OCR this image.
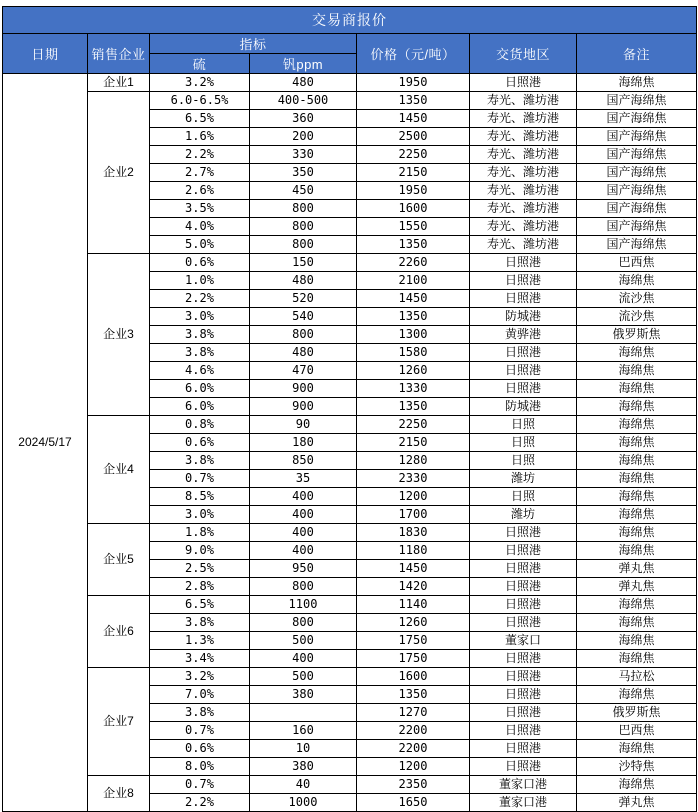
交易商报价						
日期	销售企业	指标		价格（元/吨）	交货地区	备注
		硫	钒ppm			
2024/5/17	企业1	3.2%	480	1950	日照港	海绵焦
	企业2	6.0-6.5%	400-500	1350	寿光、潍坊港	国产海绵焦
		6.5%	360	1450	寿光、潍坊港	国产海绵焦
		1.6%	200	2500	寿光、潍坊港	国产海绵焦
		2.2%	330	2250	寿光、潍坊港	国产海绵焦
		2.7%	350	2150	寿光、潍坊港	国产海绵焦
		2.6%	450	1950	寿光、潍坊港	国产海绵焦
		3.5%	800	1600	寿光、潍坊港	国产海绵焦
		4.0%	800	1550	寿光、潍坊港	国产海绵焦
		5.0%	800	1350	寿光、潍坊港	国产海绵焦
	企业3	0.6%	150	2260	日照港	巴西焦
		1.0%	480	2100	日照港	海绵焦
		2.2%	520	1450	日照港	流沙焦
		3.0%	540	1350	防城港	流沙焦
		3.8%	800	1300	黄骅港	俄罗斯焦
		3.8%	480	1580	日照港	海绵焦
		4.6%	470	1260	日照港	海绵焦
		6.0%	900	1330	日照港	海绵焦
		6.0%	900	1350	防城港	海绵焦
	企业4	0.8%	90	2250	日照	海绵焦
		0.6%	180	2150	日照	海绵焦
		3.8%	850	1280	日照	海绵焦
		0.7%	35	2330	潍坊	海绵焦
		8.5%	400	1200	日照	海绵焦
		3.0%	400	1700	潍坊	海绵焦
	企业5	1.8%	400	1830	日照港	海绵焦
		9.0%	400	1180	日照港	海绵焦
		2.5%	950	1450	日照港	弹丸焦
		2.8%	800	1420	日照港	弹丸焦
	企业6	6.5%	1100	1140	日照港	海绵焦
		3.8%	800	1260	日照港	海绵焦
		1.3%	500	1750	董家口	海绵焦
		3.4%	400	1750	日照港	海绵焦
	企业7	3.2%	500	1600	日照港	马拉松
		7.0%	380	1350	日照港	海绵焦
		3.8%		1270	日照港	俄罗斯焦
		0.7%	160	2200	日照港	巴西焦
		0.6%	10	2200	日照港	海绵焦
		8.0%	380	1200	日照港	沙特焦
	企业8	0.7%	40	2350	董家口港	海绵焦
		2.2%	1000	1650	董家口港	弹丸焦
